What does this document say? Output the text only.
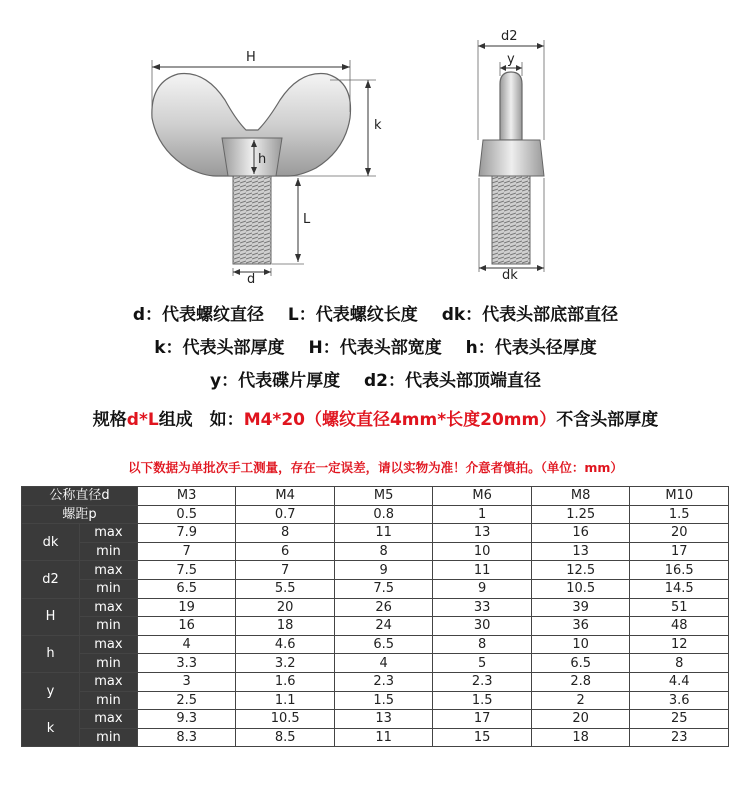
H
k
h
L
d
d2
y
dk
d：代表螺纹直径 L：代表螺纹长度 dk：代表头部底部直径
k：代表头部厚度 H：代表头部宽度 h：代表头径厚度
y：代表碟片厚度 d2：代表头部顶端直径
规格d*L组成　如：M4*20（螺纹直径4mm*长度20mm）不含头部厚度
以下数据为单批次手工测量，存在一定误差，请以实物为准！介意者慎拍。（单位：mm）
公称直径d		M3	M4	M5	M6	M8	M10
螺距p		0.5	0.7	0.8	1	1.25	1.5
dk	max	7.9	8	11	13	16	20
	min	7	6	8	10	13	17
d2	max	7.5	7	9	11	12.5	16.5
	min	6.5	5.5	7.5	9	10.5	14.5
H	max	19	20	26	33	39	51
	min	16	18	24	30	36	48
h	max	4	4.6	6.5	8	10	12
	min	3.3	3.2	4	5	6.5	8
y	max	3	1.6	2.3	2.3	2.8	4.4
	min	2.5	1.1	1.5	1.5	2	3.6
k	max	9.3	10.5	13	17	20	25
	min	8.3	8.5	11	15	18	23
